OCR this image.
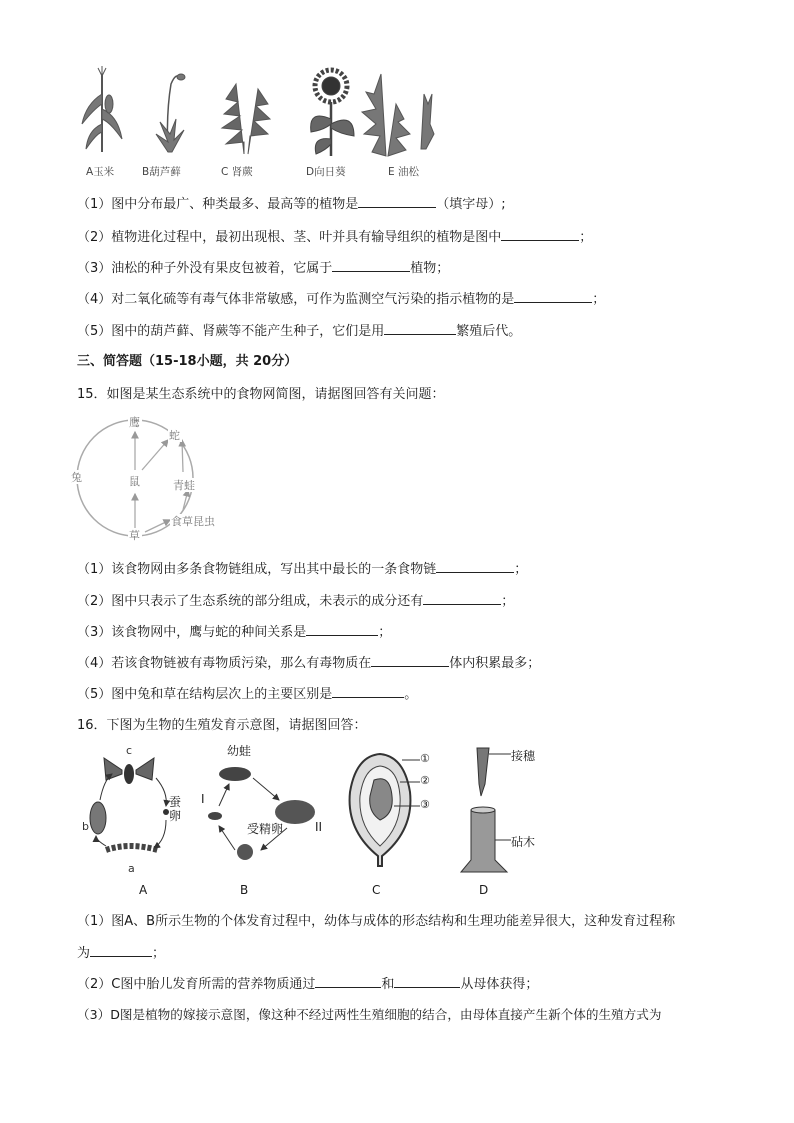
A玉米	B葫芦藓	C 肾蕨	D向日葵	E 油松
（1）图中分布最广、种类最多、最高等的植物是	（填字母）;
（2）植物进化过程中，最初出现根、茎、叶并具有输导组织的植物是图中	；
（3）油松的种子外没有果皮包被着，它属于	植物；
（4）对二氧化硫等有毒气体非常敏感，可作为监测空气污染的指示植物的是	；
（5）图中的葫芦藓、肾蕨等不能产生种子，它们是用	繁殖后代。
三、简答题（15-18小题，共 20分）
15．如图是某生态系统中的食物网简图，请据图回答有关问题：
鹰
蛇
兔	鼠	青蛙
食草昆虫
草
（1）该食物网由多条食物链组成，写出其中最长的一条食物链	；
（2）图中只表示了生态系统的部分组成，未表示的成分还有	；
（3）该食物网中，鹰与蛇的种间关系是	；
（4）若该食物链被有毒物质污染，那么有毒物质在	体内积累最多；
（5）图中兔和草在结构层次上的主要区别是	。
16．下图为生物的生殖发育示意图，请据图回答：
c
b
a
蚕卵
A
幼蛙
I
II
受精卵
B
①
②
③
C
接穗
砧木
D
（1）图A、B所示生物的个体发育过程中，幼体与成体的形态结构和生理功能差异很大，这种发育过程称
为	；
（2）C图中胎儿发育所需的营养物质通过	和	从母体获得；
（3）D图是植物的嫁接示意图，像这种不经过两性生殖细胞的结合，由母体直接产生新个体的生殖方式为
